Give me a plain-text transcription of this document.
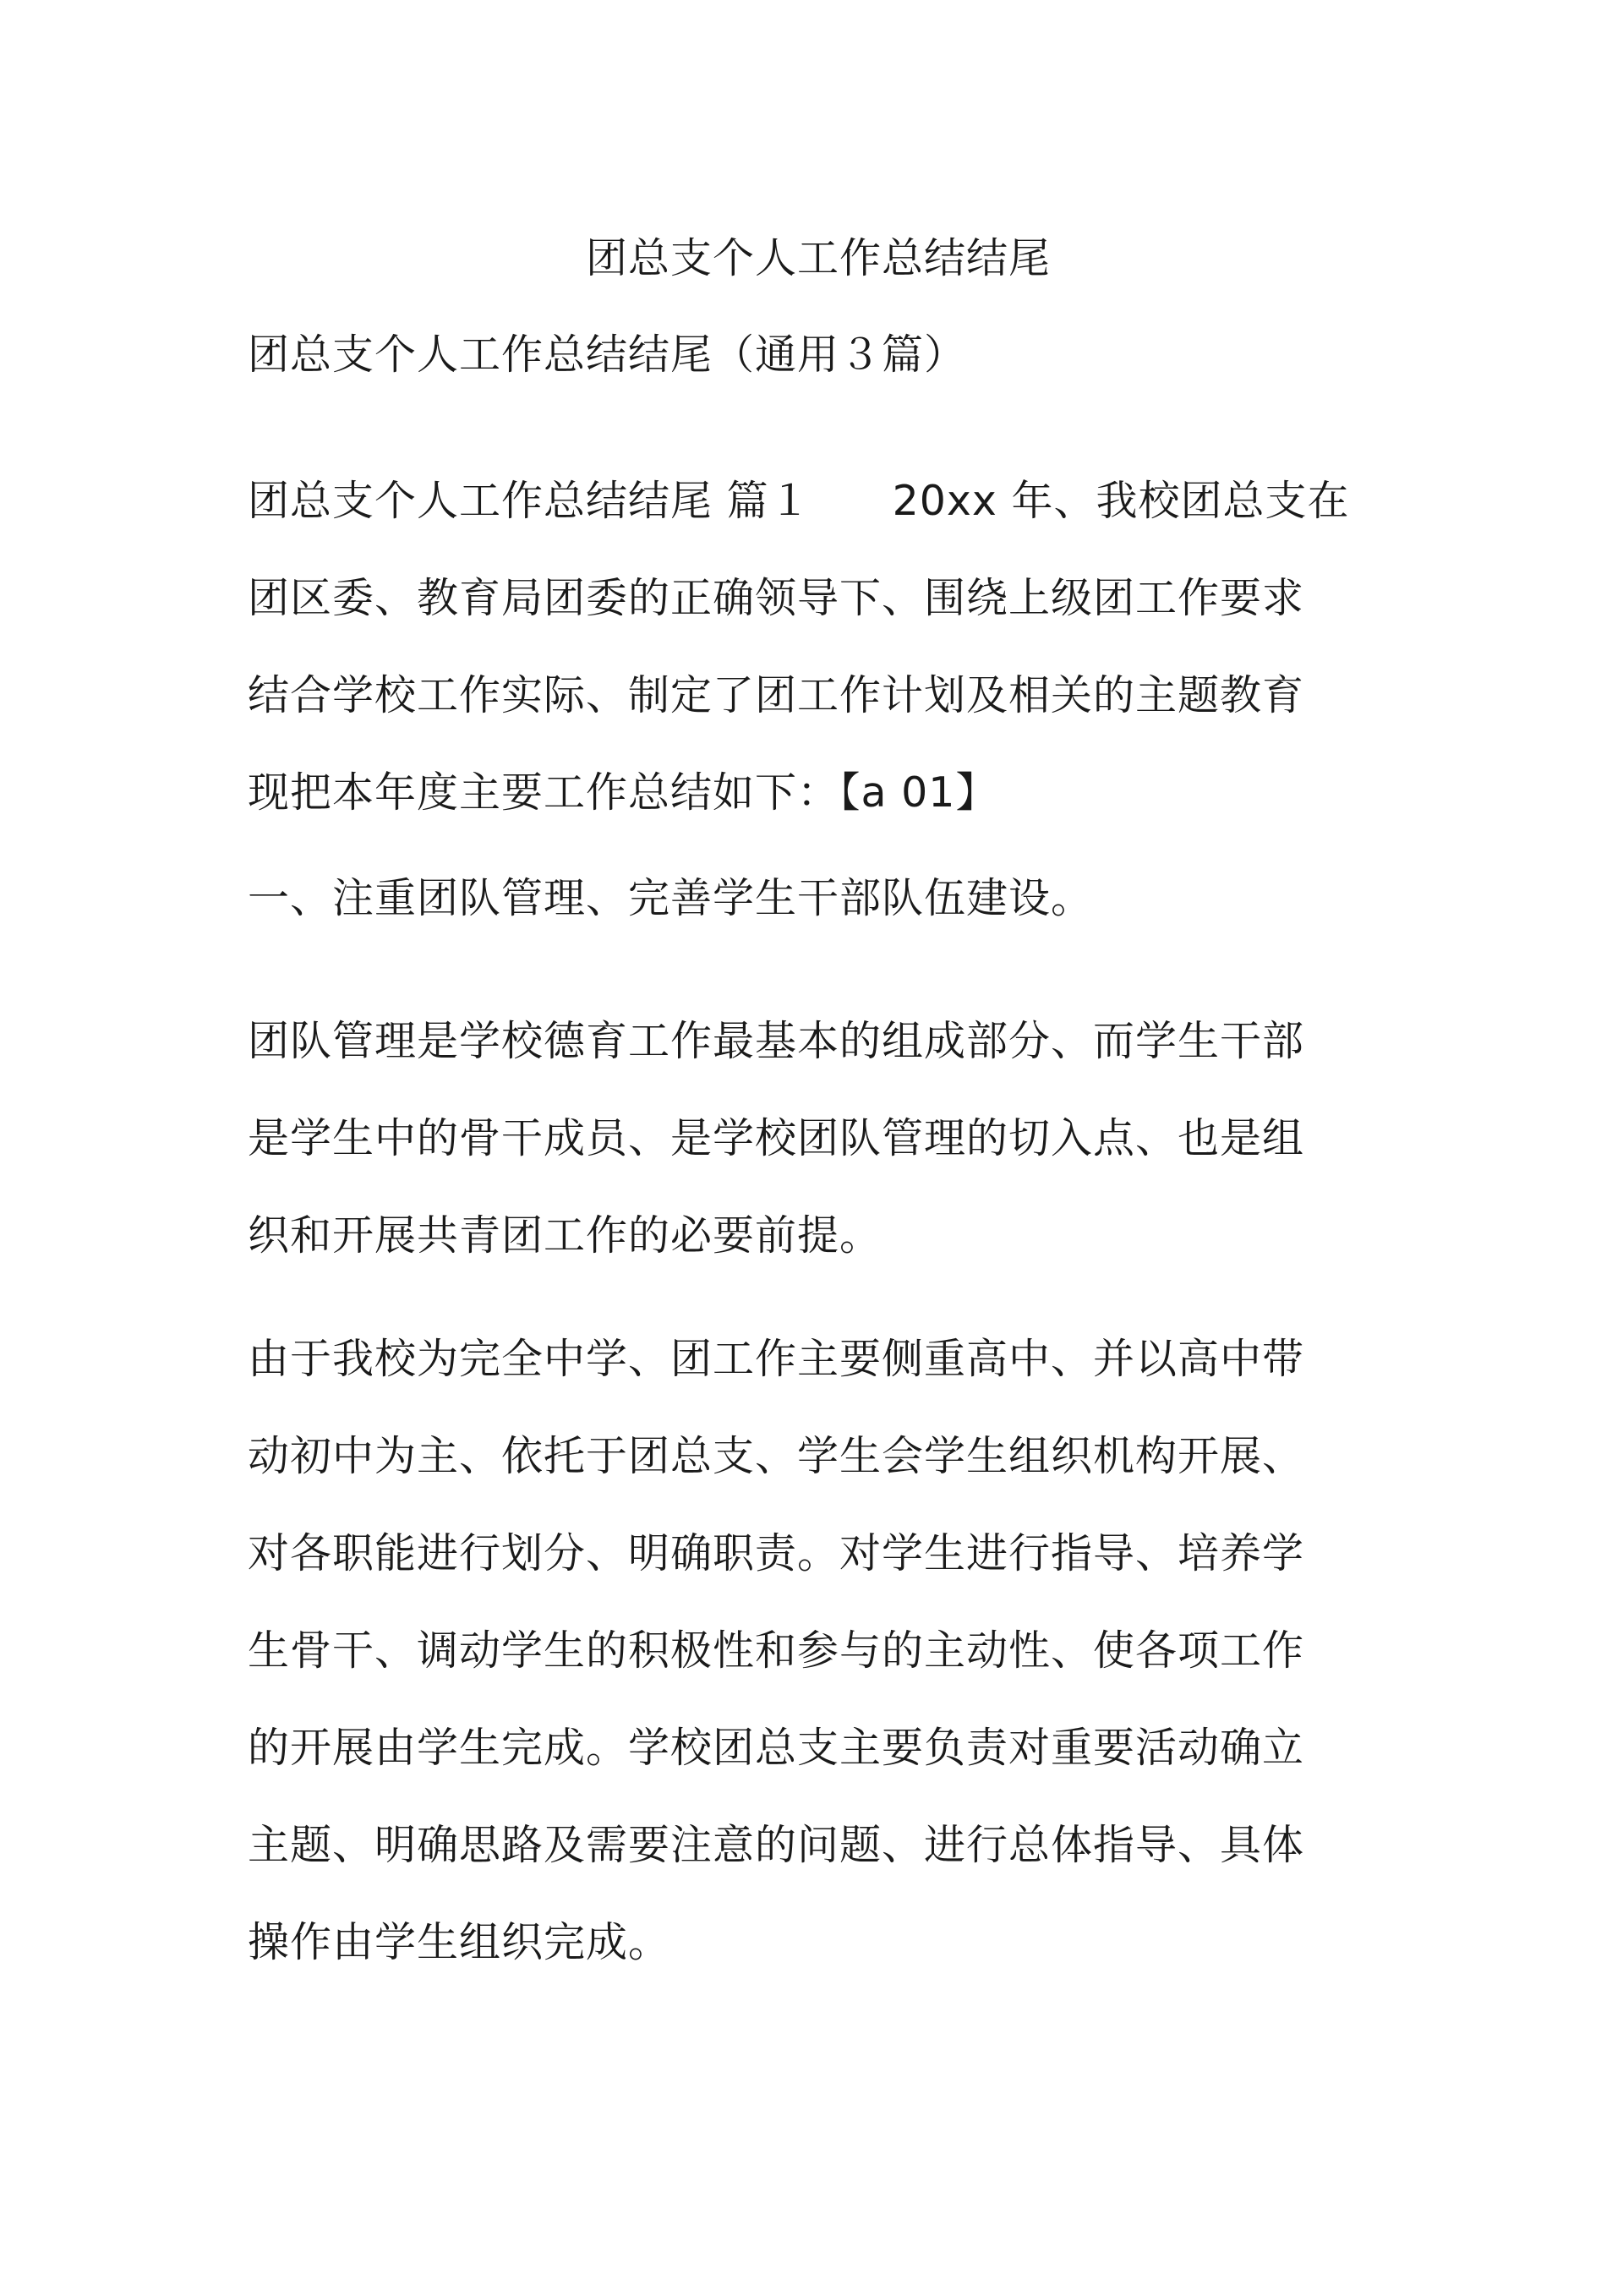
团总支个人工作总结结尾

团总支个人工作总结结尾（通用３篇）

团总支个人工作总结结尾 篇１ 20xx 年、我校团总支在
团区委、教育局团委的正确领导下、围绕上级团工作要求
结合学校工作实际、制定了团工作计划及相关的主题教育
现把本年度主要工作总结如下：【a 01】

一、注重团队管理、完善学生干部队伍建设。

团队管理是学校德育工作最基本的组成部分、而学生干部
是学生中的骨干成员、是学校团队管理的切入点、也是组
织和开展共青团工作的必要前提。

由于我校为完全中学、团工作主要侧重高中、并以高中带
动初中为主、依托于团总支、学生会学生组织机构开展、
对各职能进行划分、明确职责。对学生进行指导、培养学
生骨干、调动学生的积极性和参与的主动性、使各项工作
的开展由学生完成。学校团总支主要负责对重要活动确立
主题、明确思路及需要注意的问题、进行总体指导、具体
操作由学生组织完成。
